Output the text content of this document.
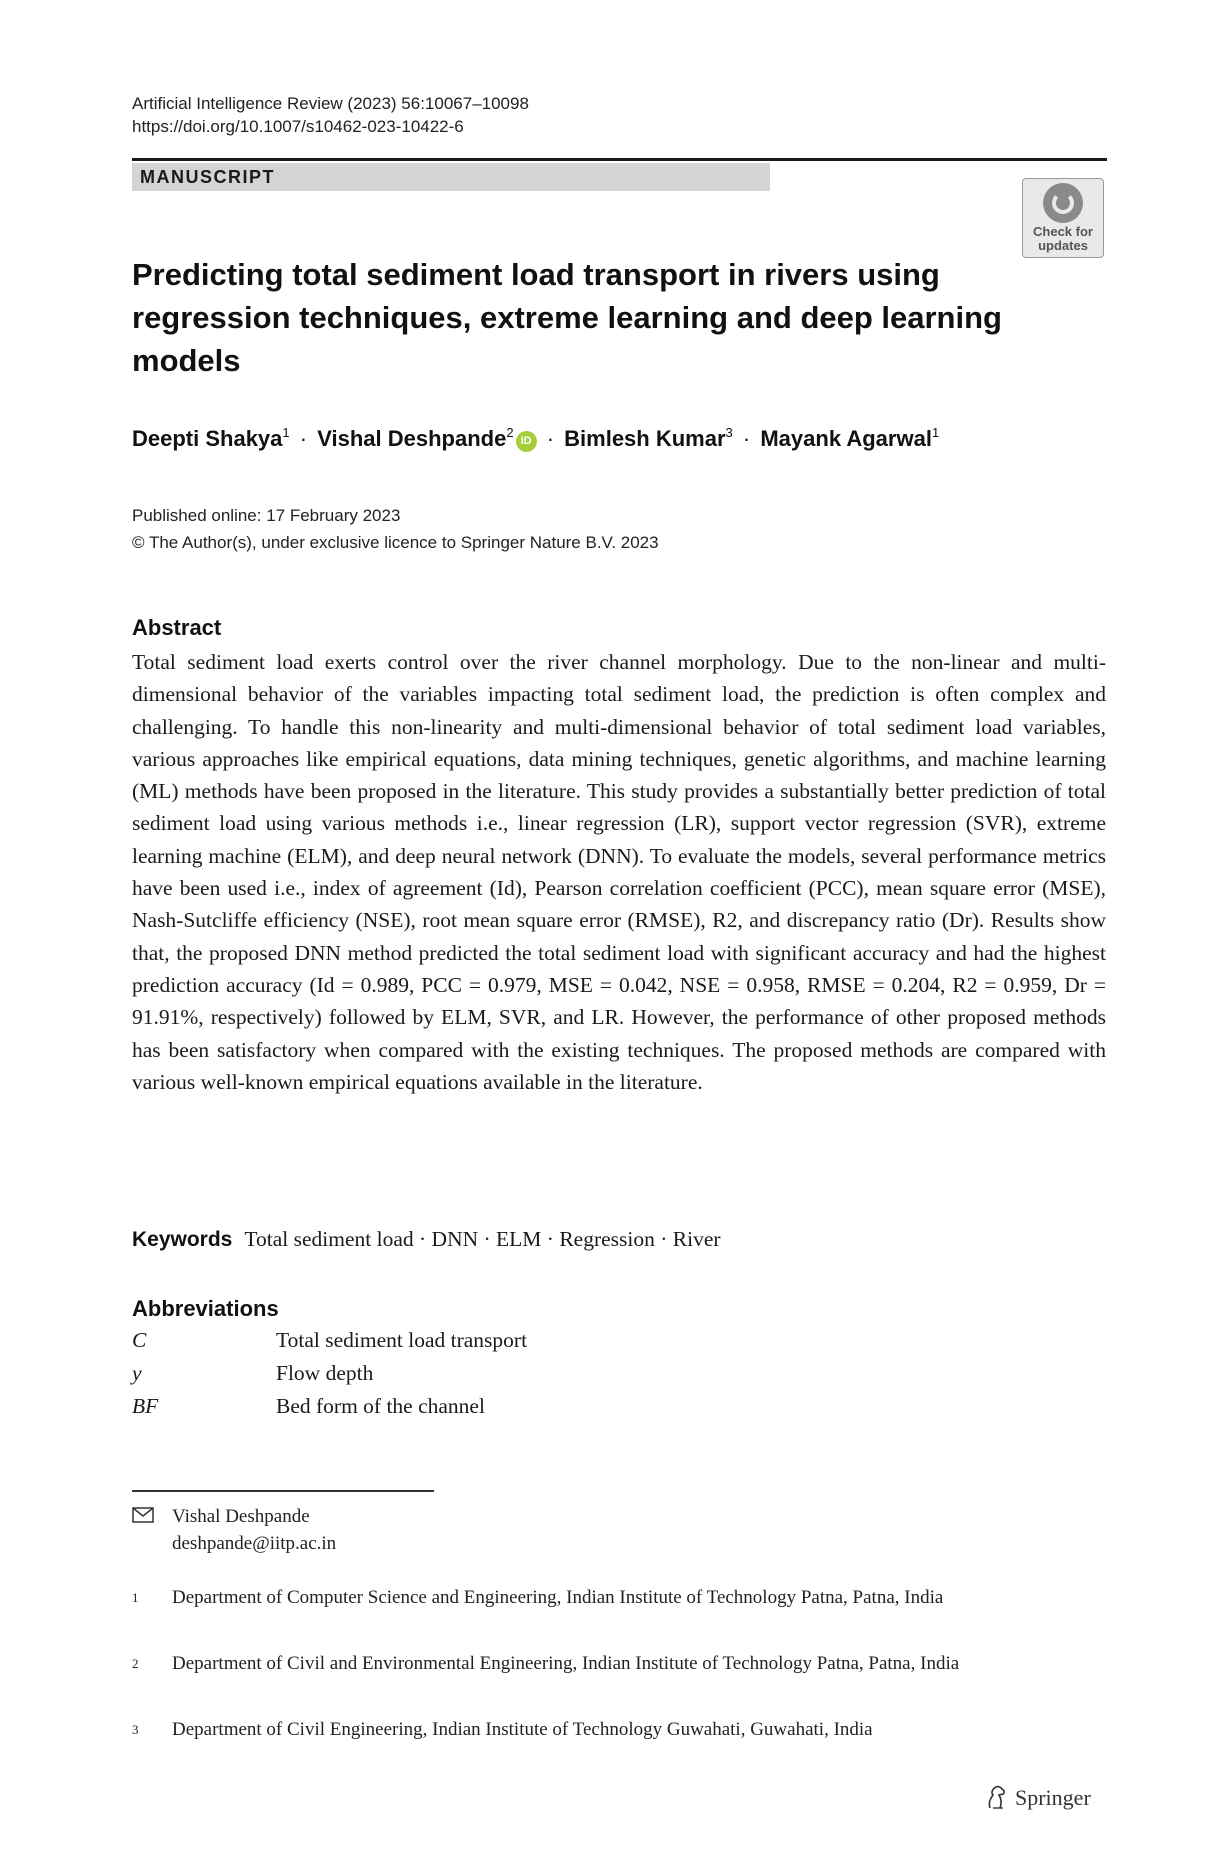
Artificial Intelligence Review (2023) 56:10067–10098
https://doi.org/10.1007/s10462-023-10422-6
MANUSCRIPT
Check for updates
Predicting total sediment load transport in rivers using regression techniques, extreme learning and deep learning models
Deepti Shakya$^1$ · Vishal Deshpande$^2$iD · Bimlesh Kumar$^3$ · Mayank Agarwal$^1$
Published online: 17 February 2023
© The Author(s), under exclusive licence to Springer Nature B.V. 2023
Abstract
Total sediment load exerts control over the river channel morphology. Due to the non-linear and multi-dimensional behavior of the variables impacting total sediment load, the prediction is often complex and challenging. To handle this non-linearity and multi-dimensional behavior of total sediment load variables, various approaches like empirical equations, data mining techniques, genetic algorithms, and machine learning (ML) methods have been proposed in the literature. This study provides a substantially better prediction of total sediment load using various methods i.e., linear regression (LR), support vector regression (SVR), extreme learning machine (ELM), and deep neural network (DNN). To evaluate the models, several performance metrics have been used i.e., index of agreement (Id), Pearson correlation coefficient (PCC), mean square error (MSE), Nash-Sutcliffe efficiency (NSE), root mean square error (RMSE), R2, and discrepancy ratio (Dr). Results show that, the proposed DNN method predicted the total sediment load with significant accuracy and had the highest prediction accuracy (Id = 0.989, PCC = 0.979, MSE = 0.042, NSE = 0.958, RMSE = 0.204, R2 = 0.959, Dr = 91.91%, respectively) followed by ELM, SVR, and LR. However, the performance of other proposed methods has been satisfactory when compared with the existing techniques. The proposed methods are compared with various well-known empirical equations available in the literature.
Keywords Total sediment load · DNN · ELM · Regression · River
Abbreviations
C	Total sediment load transport
y	Flow depth
BF	Bed form of the channel
Vishal Deshpande
deshpande@iitp.ac.in
1 Department of Computer Science and Engineering, Indian Institute of Technology Patna, Patna, India
2 Department of Civil and Environmental Engineering, Indian Institute of Technology Patna, Patna, India
3 Department of Civil Engineering, Indian Institute of Technology Guwahati, Guwahati, India
Springer
